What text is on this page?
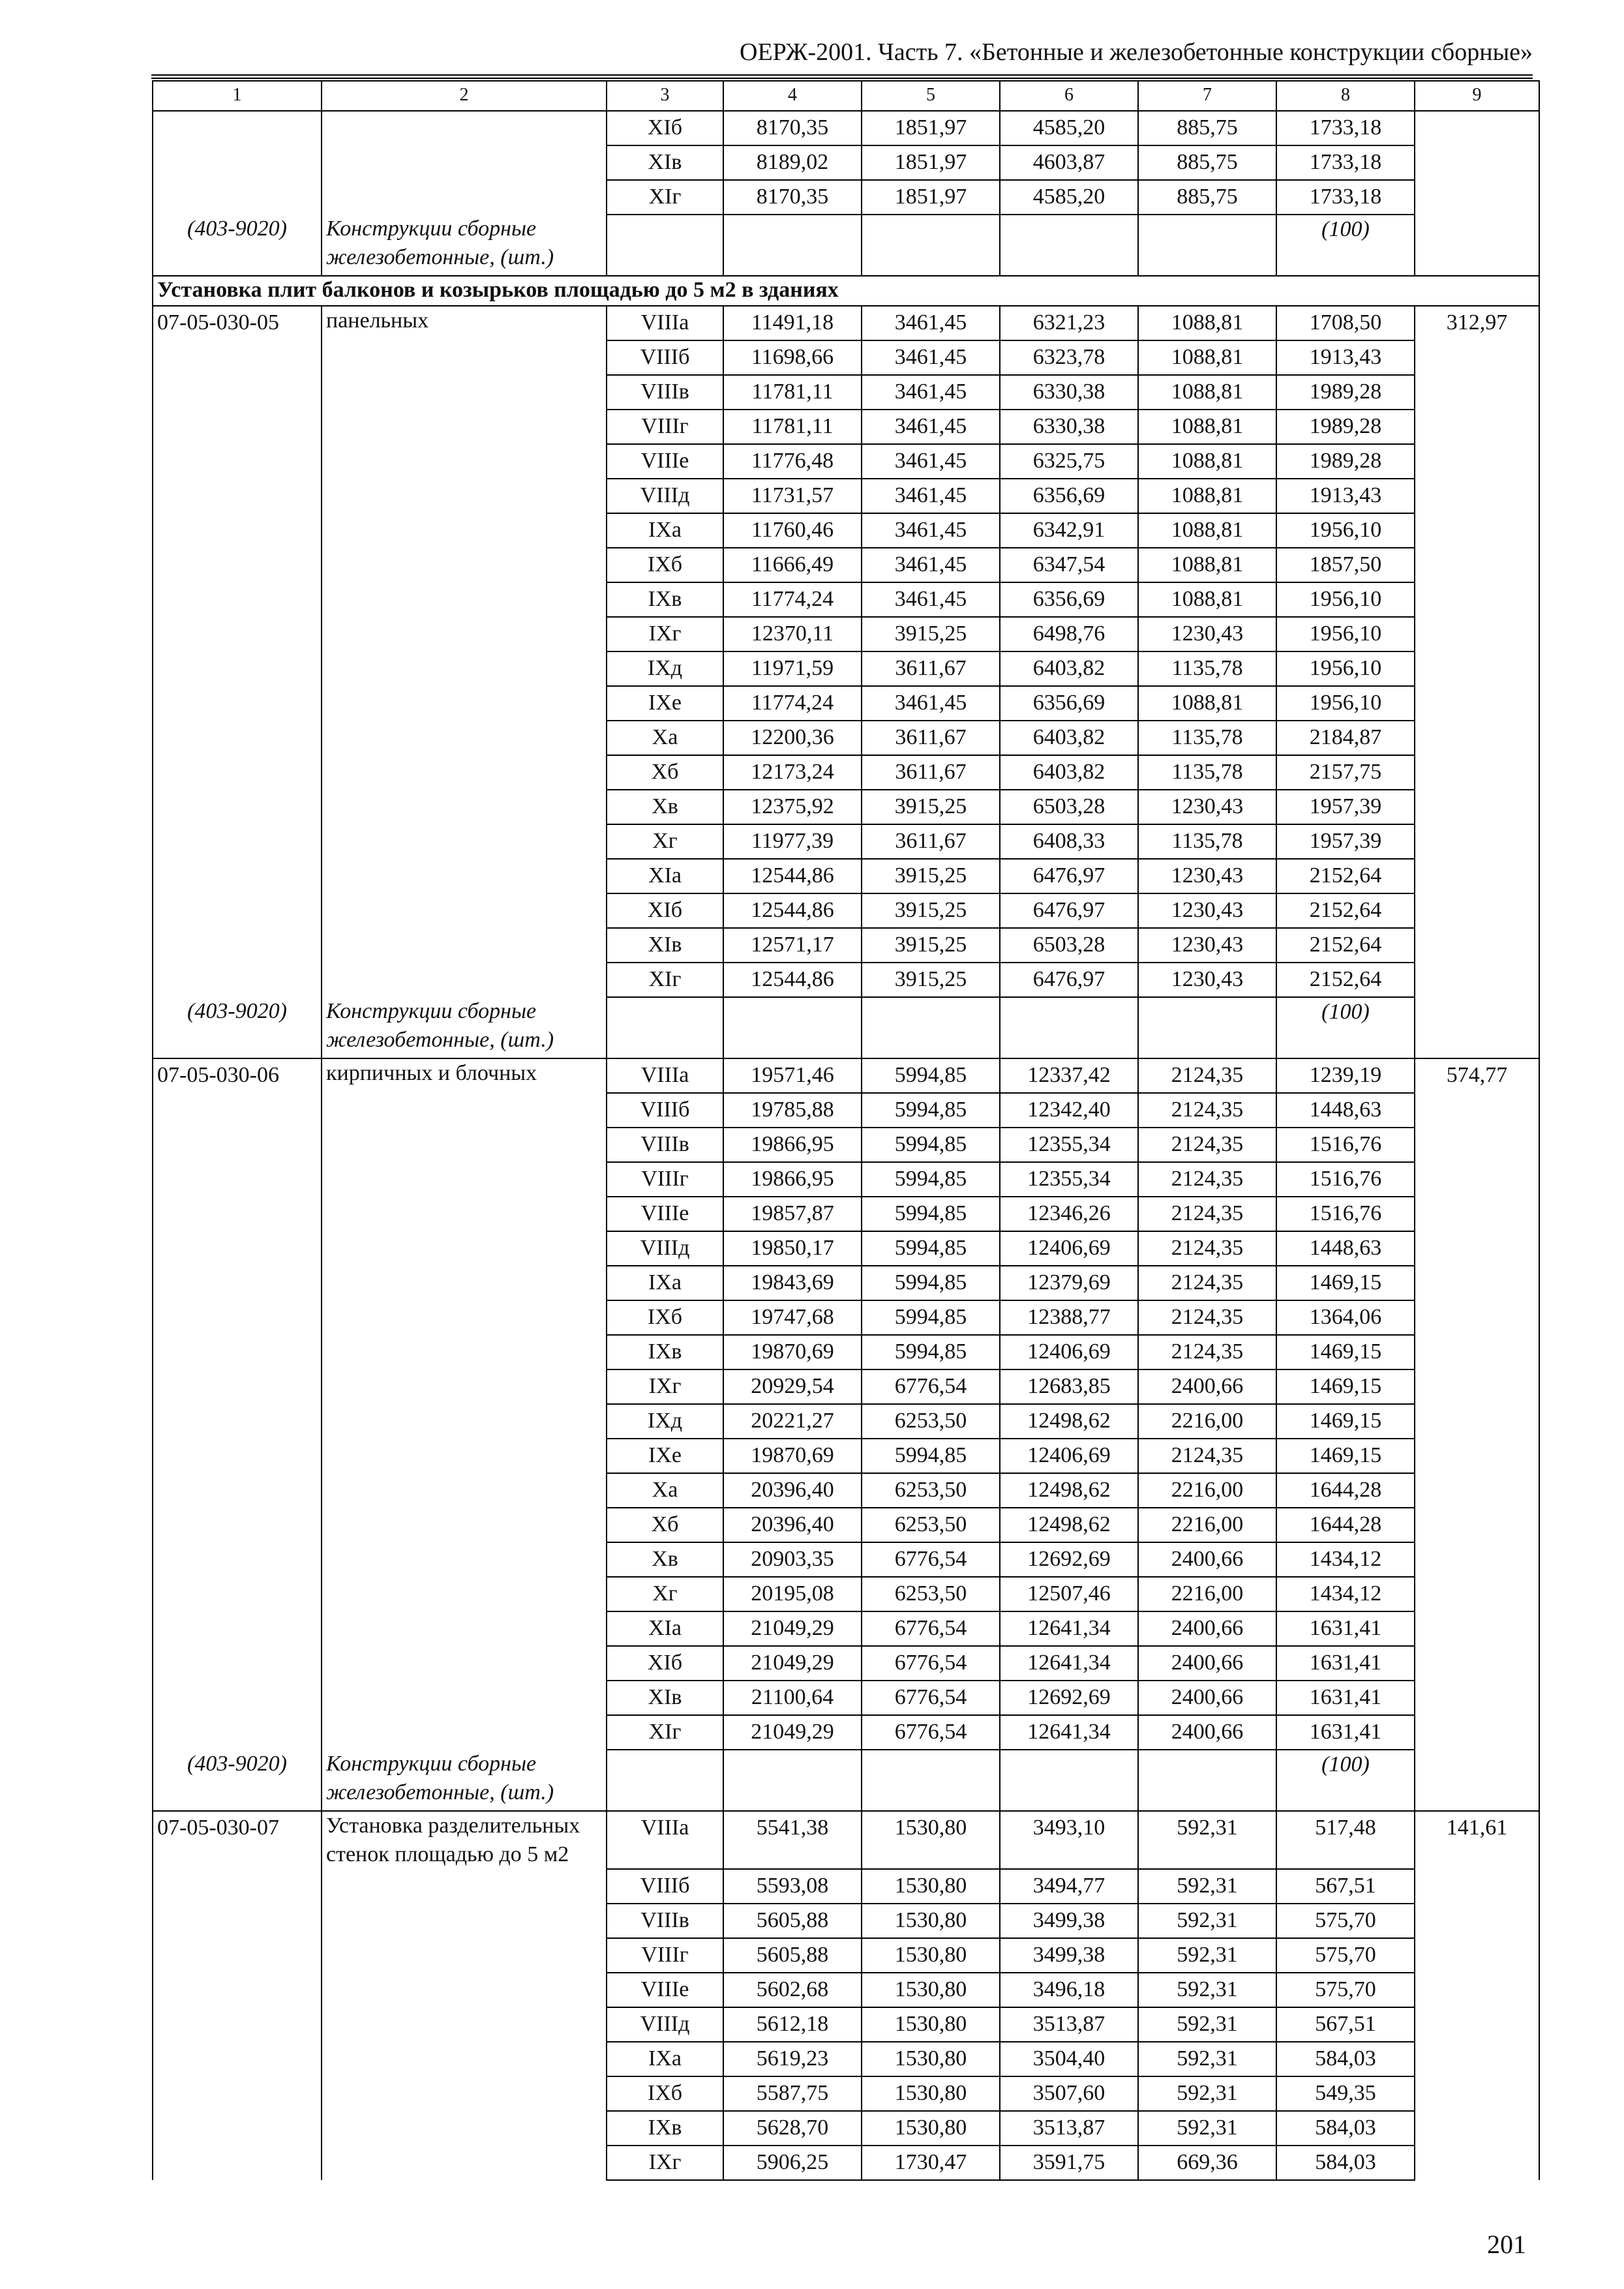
ОЕРЖ-2001. Часть 7. «Бетонные и железобетонные конструкции сборные»
1	2	3	4	5	6	7	8	9
		XIб	8170,35	1851,97	4585,20	885,75	1733,18	
		XIв	8189,02	1851,97	4603,87	885,75	1733,18	
		XIг	8170,35	1851,97	4585,20	885,75	1733,18	

(403-9020)	Конструкции сборные железобетонные, (шт.)						(100)	
Установка плит балконов и козырьков площадью до 5 м2 в зданиях								
07-05-030-05	панельных	VIIIа	11491,18	3461,45	6321,23	1088,81	1708,50	312,97
		VIIIб	11698,66	3461,45	6323,78	1088,81	1913,43	
		VIIIв	11781,11	3461,45	6330,38	1088,81	1989,28	
		VIIIг	11781,11	3461,45	6330,38	1088,81	1989,28	
		VIIIе	11776,48	3461,45	6325,75	1088,81	1989,28	
		VIIIд	11731,57	3461,45	6356,69	1088,81	1913,43	
		IXа	11760,46	3461,45	6342,91	1088,81	1956,10	
		IXб	11666,49	3461,45	6347,54	1088,81	1857,50	
		IXв	11774,24	3461,45	6356,69	1088,81	1956,10	
		IXг	12370,11	3915,25	6498,76	1230,43	1956,10	
		IXд	11971,59	3611,67	6403,82	1135,78	1956,10	
		IXе	11774,24	3461,45	6356,69	1088,81	1956,10	
		Xа	12200,36	3611,67	6403,82	1135,78	2184,87	
		Xб	12173,24	3611,67	6403,82	1135,78	2157,75	
		Xв	12375,92	3915,25	6503,28	1230,43	1957,39	
		Xг	11977,39	3611,67	6408,33	1135,78	1957,39	
		XIа	12544,86	3915,25	6476,97	1230,43	2152,64	
		XIб	12544,86	3915,25	6476,97	1230,43	2152,64	
		XIв	12571,17	3915,25	6503,28	1230,43	2152,64	
		XIг	12544,86	3915,25	6476,97	1230,43	2152,64	

(403-9020)	Конструкции сборные железобетонные, (шт.)						(100)	
07-05-030-06	кирпичных и блочных	VIIIа	19571,46	5994,85	12337,42	2124,35	1239,19	574,77
		VIIIб	19785,88	5994,85	12342,40	2124,35	1448,63	
		VIIIв	19866,95	5994,85	12355,34	2124,35	1516,76	
		VIIIг	19866,95	5994,85	12355,34	2124,35	1516,76	
		VIIIе	19857,87	5994,85	12346,26	2124,35	1516,76	
		VIIIд	19850,17	5994,85	12406,69	2124,35	1448,63	
		IXа	19843,69	5994,85	12379,69	2124,35	1469,15	
		IXб	19747,68	5994,85	12388,77	2124,35	1364,06	
		IXв	19870,69	5994,85	12406,69	2124,35	1469,15	
		IXг	20929,54	6776,54	12683,85	2400,66	1469,15	
		IXд	20221,27	6253,50	12498,62	2216,00	1469,15	
		IXе	19870,69	5994,85	12406,69	2124,35	1469,15	
		Xа	20396,40	6253,50	12498,62	2216,00	1644,28	
		Xб	20396,40	6253,50	12498,62	2216,00	1644,28	
		Xв	20903,35	6776,54	12692,69	2400,66	1434,12	
		Xг	20195,08	6253,50	12507,46	2216,00	1434,12	
		XIа	21049,29	6776,54	12641,34	2400,66	1631,41	
		XIб	21049,29	6776,54	12641,34	2400,66	1631,41	
		XIв	21100,64	6776,54	12692,69	2400,66	1631,41	
		XIг	21049,29	6776,54	12641,34	2400,66	1631,41	

(403-9020)	Конструкции сборные железобетонные, (шт.)						(100)	
07-05-030-07	Установка разделительных стенок площадью до 5 м2	VIIIа	5541,38	1530,80	3493,10	592,31	517,48	141,61
		VIIIб	5593,08	1530,80	3494,77	592,31	567,51	
		VIIIв	5605,88	1530,80	3499,38	592,31	575,70	
		VIIIг	5605,88	1530,80	3499,38	592,31	575,70	
		VIIIе	5602,68	1530,80	3496,18	592,31	575,70	
		VIIIд	5612,18	1530,80	3513,87	592,31	567,51	
		IXа	5619,23	1530,80	3504,40	592,31	584,03	
		IXб	5587,75	1530,80	3507,60	592,31	549,35	
		IXв	5628,70	1530,80	3513,87	592,31	584,03	
		IXг	5906,25	1730,47	3591,75	669,36	584,03	
201
